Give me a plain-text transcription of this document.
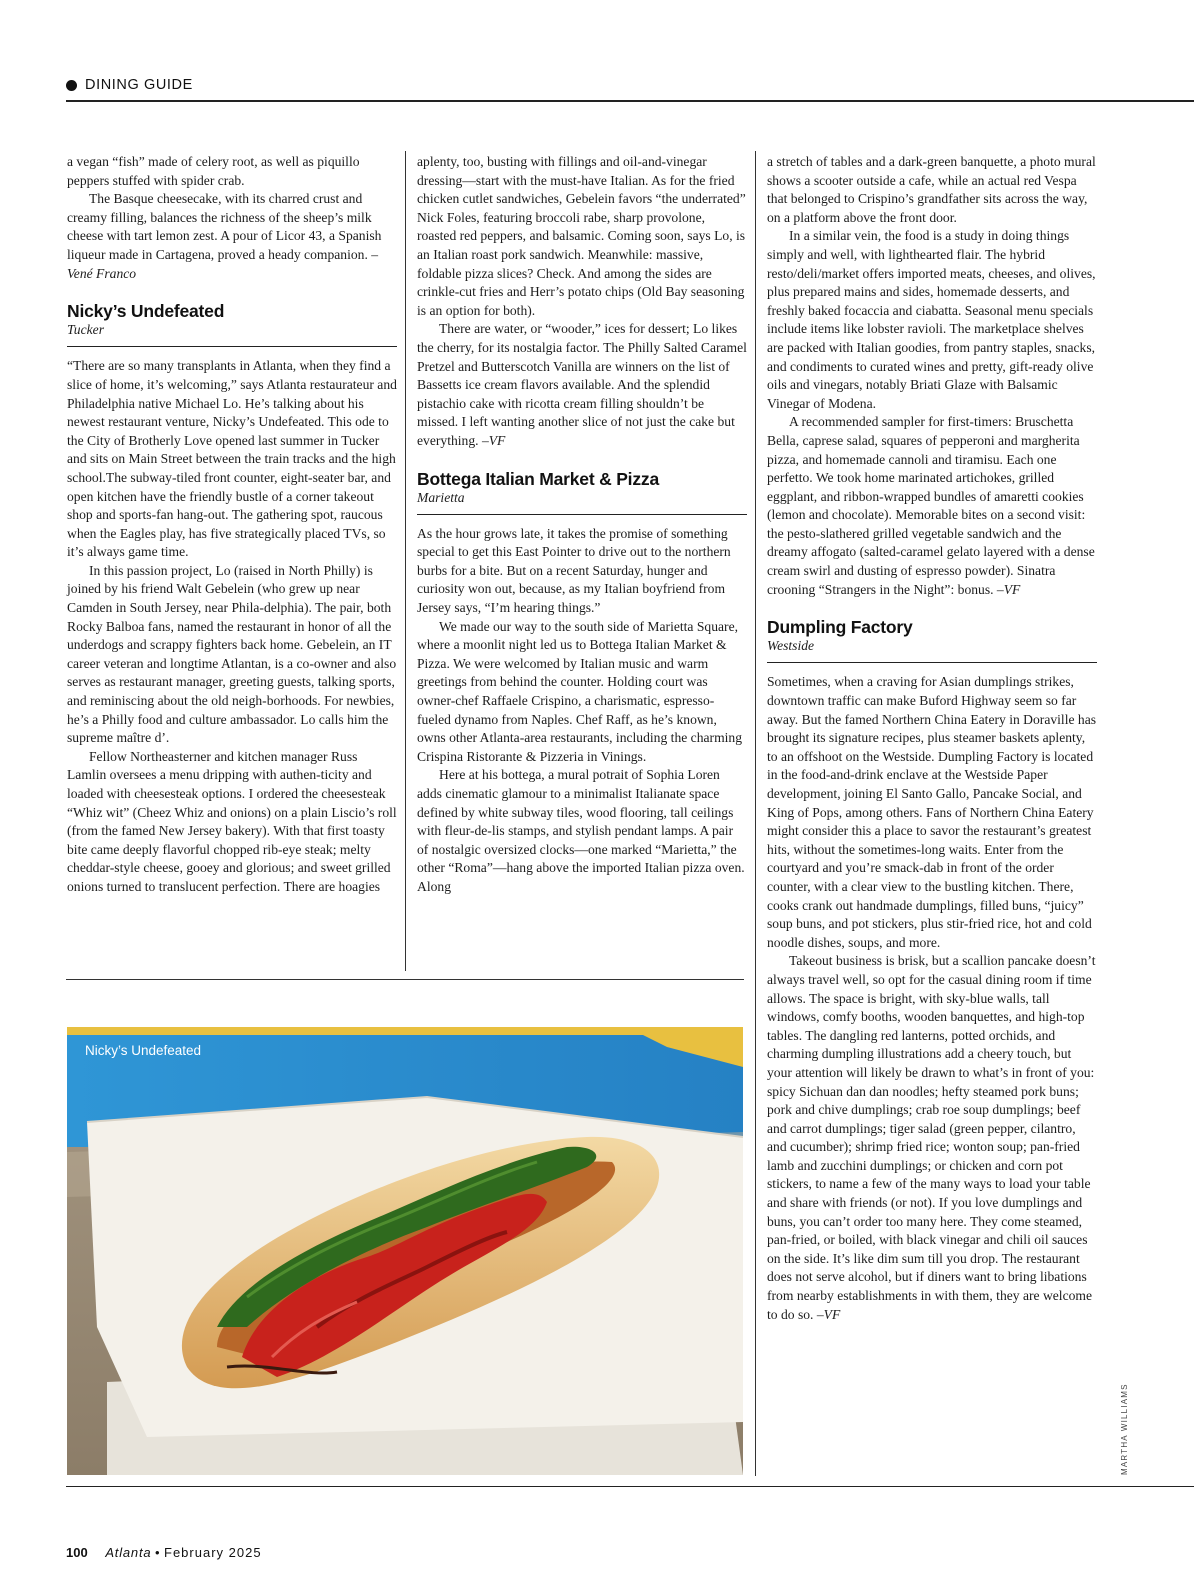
DINING GUIDE

a vegan “fish” made of celery root, as well as piquillo peppers stuffed with spider crab.

The Basque cheesecake, with its charred crust and creamy filling, balances the richness of the sheep’s milk cheese with tart lemon zest. A pour of Licor 43, a Spanish liqueur made in Cartagena, proved a heady companion. –Vené Franco

Nicky’s Undefeated
Tucker

“There are so many transplants in Atlanta, when they find a slice of home, it’s welcoming,” says Atlanta restaurateur and Philadelphia native Michael Lo. He’s talking about his newest restaurant venture, Nicky’s Undefeated. This ode to the City of Brotherly Love opened last summer in Tucker and sits on Main Street between the train tracks and the high school.The subway-tiled front counter, eight-seater bar, and open kitchen have the friendly bustle of a corner takeout shop and sports-fan hang-out. The gathering spot, raucous when the Eagles play, has five strategically placed TVs, so it’s always game time.

In this passion project, Lo (raised in North Philly) is joined by his friend Walt Gebelein (who grew up near Camden in South Jersey, near Phila-delphia). The pair, both Rocky Balboa fans, named the restaurant in honor of all the underdogs and scrappy fighters back home. Gebelein, an IT career veteran and longtime Atlantan, is a co-owner and also serves as restaurant manager, greeting guests, talking sports, and reminiscing about the old neigh-borhoods. For newbies, he’s a Philly food and culture ambassador. Lo calls him the supreme maître d’.

Fellow Northeasterner and kitchen manager Russ Lamlin oversees a menu dripping with authen-ticity and loaded with cheesesteak options. I ordered the cheesesteak “Whiz wit” (Cheez Whiz and onions) on a plain Liscio’s roll (from the famed New Jersey bakery). With that first toasty bite came deeply flavorful chopped rib-eye steak; melty cheddar-style cheese, gooey and glorious; and sweet grilled onions turned to translucent perfection. There are hoagies

aplenty, too, busting with fillings and oil-and-vinegar dressing—start with the must-have Italian. As for the fried chicken cutlet sandwiches, Gebelein favors “the underrated” Nick Foles, featuring broccoli rabe, sharp provolone, roasted red peppers, and balsamic. Coming soon, says Lo, is an Italian roast pork sandwich. Meanwhile: massive, foldable pizza slices? Check. And among the sides are crinkle-cut fries and Herr’s potato chips (Old Bay seasoning is an option for both).

There are water, or “wooder,” ices for dessert; Lo likes the cherry, for its nostalgia factor. The Philly Salted Caramel Pretzel and Butterscotch Vanilla are winners on the list of Bassetts ice cream flavors available. And the splendid pistachio cake with ricotta cream filling shouldn’t be missed. I left wanting another slice of not just the cake but everything. –VF

Bottega Italian Market & Pizza
Marietta

As the hour grows late, it takes the promise of something special to get this East Pointer to drive out to the northern burbs for a bite. But on a recent Saturday, hunger and curiosity won out, because, as my Italian boyfriend from Jersey says, “I’m hearing things.”

We made our way to the south side of Marietta Square, where a moonlit night led us to Bottega Italian Market & Pizza. We were welcomed by Italian music and warm greetings from behind the counter. Holding court was owner-chef Raffaele Crispino, a charismatic, espresso-fueled dynamo from Naples. Chef Raff, as he’s known, owns other Atlanta-area restaurants, including the charming Crispina Ristorante & Pizzeria in Vinings.

Here at his bottega, a mural potrait of Sophia Loren adds cinematic glamour to a minimalist Italianate space defined by white subway tiles, wood flooring, tall ceilings with fleur-de-lis stamps, and stylish pendant lamps. A pair of nostalgic oversized clocks—one marked “Marietta,” the other “Roma”—hang above the imported Italian pizza oven. Along

a stretch of tables and a dark-green banquette, a photo mural shows a scooter outside a cafe, while an actual red Vespa that belonged to Crispino’s grandfather sits across the way, on a platform above the front door.

In a similar vein, the food is a study in doing things simply and well, with lighthearted flair. The hybrid resto/deli/market offers imported meats, cheeses, and olives, plus prepared mains and sides, homemade desserts, and freshly baked focaccia and ciabatta. Seasonal menu specials include items like lobster ravioli. The marketplace shelves are packed with Italian goodies, from pantry staples, snacks, and condiments to curated wines and pretty, gift-ready olive oils and vinegars, notably Briati Glaze with Balsamic Vinegar of Modena.

A recommended sampler for first-timers: Bruschetta Bella, caprese salad, squares of pepperoni and margherita pizza, and homemade cannoli and tiramisu. Each one perfetto. We took home marinated artichokes, grilled eggplant, and ribbon-wrapped bundles of amaretti cookies (lemon and chocolate). Memorable bites on a second visit: the pesto-slathered grilled vegetable sandwich and the dreamy affogato (salted-caramel gelato layered with a dense cream swirl and dusting of espresso powder). Sinatra crooning “Strangers in the Night”: bonus. –VF

Dumpling Factory
Westside

Sometimes, when a craving for Asian dumplings strikes, downtown traffic can make Buford Highway seem so far away. But the famed Northern China Eatery in Doraville has brought its signature recipes, plus steamer baskets aplenty, to an offshoot on the Westside. Dumpling Factory is located in the food-and-drink enclave at the Westside Paper development, joining El Santo Gallo, Pancake Social, and King of Pops, among others. Fans of Northern China Eatery might consider this a place to savor the restaurant’s greatest hits, without the sometimes-long waits. Enter from the courtyard and you’re smack-dab in front of the order counter, with a clear view to the bustling kitchen. There, cooks crank out handmade dumplings, filled buns, “juicy” soup buns, and pot stickers, plus stir-fried rice, hot and cold noodle dishes, soups, and more.

Takeout business is brisk, but a scallion pancake doesn’t always travel well, so opt for the casual dining room if time allows. The space is bright, with sky-blue walls, tall windows, comfy booths, wooden banquettes, and high-top tables. The dangling red lanterns, potted orchids, and charming dumpling illustrations add a cheery touch, but your attention will likely be drawn to what’s in front of you: spicy Sichuan dan dan noodles; hefty steamed pork buns; pork and chive dumplings; crab roe soup dumplings; beef and carrot dumplings; tiger salad (green pepper, cilantro, and cucumber); shrimp fried rice; wonton soup; pan-fried lamb and zucchini dumplings; or chicken and corn pot stickers, to name a few of the many ways to load your table and share with friends (or not). If you love dumplings and buns, you can’t order too many here. They come steamed, pan-fried, or boiled, with black vinegar and chili oil sauces on the side. It’s like dim sum till you drop. The restaurant does not serve alcohol, but if diners want to bring libations from nearby establishments in with them, they are welcome to do so. –VF

Nicky’s Undefeated
MARTHA WILLIAMS
100 Atlanta • February 2025
